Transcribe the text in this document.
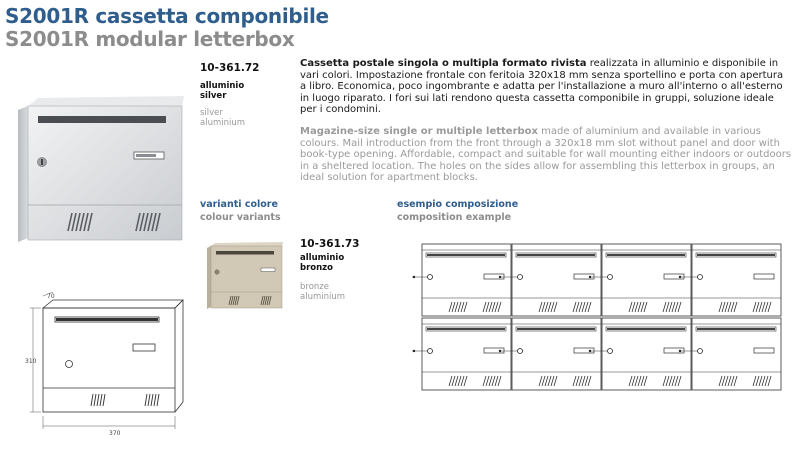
S2001R cassetta componibile
S2001R modular letterbox
10-361.72
alluminio
silver
silver
aluminium
Cassetta postale singola o multipla formato rivista realizzata in alluminio e disponibile in vari colori. Impostazione frontale con feritoia 320x18 mm senza sportellino e porta con apertura a libro. Economica, poco ingombrante e adatta per l'installazione a muro all'interno o all'esterno in luogo riparato. I fori sui lati rendono questa cassetta componibile in gruppi, soluzione ideale per i condomini.
Magazine-size single or multiple letterbox made of aluminium and available in various colours. Mail introduction from the front through a 320x18 mm slot without panel and door with book-type opening. Affordable, compact and suitable for wall mounting either indoors or outdoors in a sheltered location. The holes on the sides allow for assembling this letterbox in groups, an ideal solution for apartment blocks.
varianti colore
colour variants
10-361.73
alluminio
bronzo
bronze
aluminium
esempio composizione
composition example
70
310
370
